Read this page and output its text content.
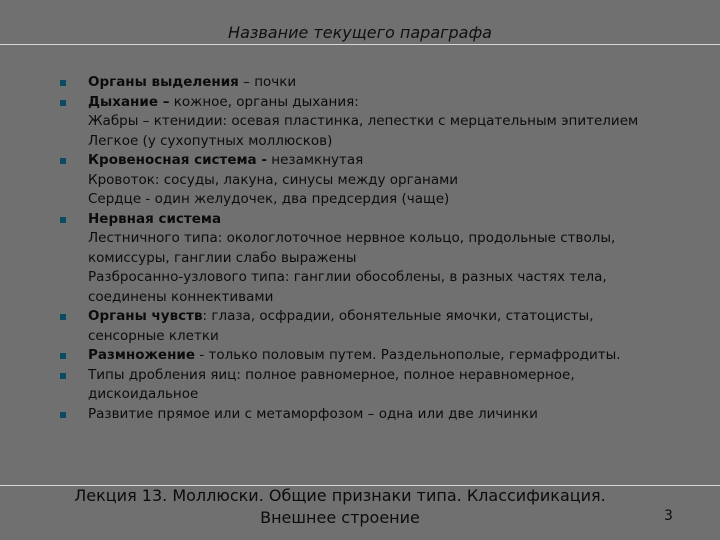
Название текущего параграфа
Органы выделения – почки
Дыхание – кожное, органы дыхания:
Жабры – ктенидии: осевая пластинка, лепестки с мерцательным эпителием
Легкое (у сухопутных моллюсков)
Кровеносная система - незамкнутая
Кровоток: сосуды, лакуна, синусы между органами
Сердце - один желудочек, два предсердия (чаще)
Нервная система
Лестничного типа: окологлоточное нервное кольцо, продольные стволы,
комиссуры, ганглии слабо выражены
Разбросанно-узлового типа: ганглии обособлены, в разных частях тела,
соединены коннективами
Органы чувств: глаза, осфрадии, обонятельные ямочки, статоцисты,
сенсорные клетки
Размножение - только половым путем. Раздельнополые, гермафродиты.
Типы дробления яиц: полное равномерное, полное неравномерное,
дискоидальное
Развитие прямое или с метаморфозом – одна или две личинки
Лекция 13. Моллюски. Общие признаки типа. Классификация.
Внешнее строение	3
